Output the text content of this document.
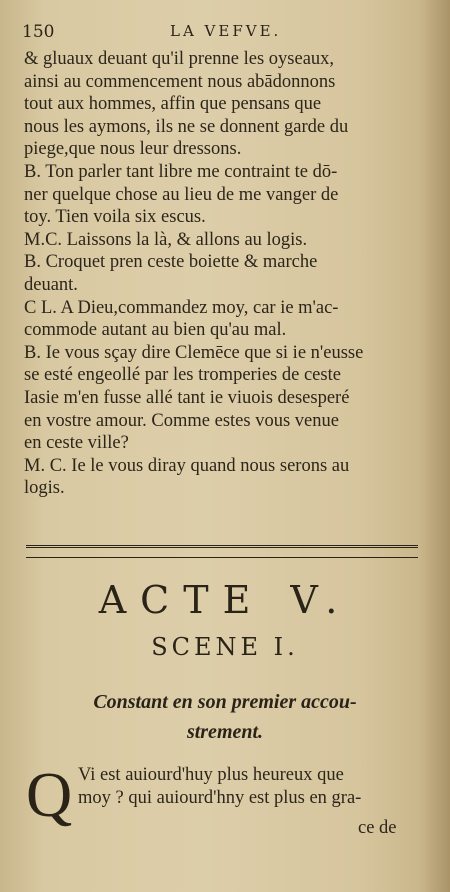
150	LA VEFVE.
& gluaux deuant qu'il prenne les oyseaux,
ainsi au commencement nous abādonnons
tout aux hommes, affin que pensans que
nous les aymons, ils ne se donnent garde du
piege,que nous leur dressons.
B. Ton parler tant libre me contraint te dō-
ner quelque chose au lieu de me vanger de
toy. Tien voila six escus.
M.C. Laissons la là, & allons au logis.
B. Croquet pren ceste boiette & marche
deuant.
C L. A Dieu,commandez moy, car ie m'ac-
commode autant au bien qu'au mal.
B. Ie vous sçay dire Clemēce que si ie n'eusse
se esté engeollé par les tromperies de ceste
Iasie m'en fusse allé tant ie viuois desesperé
en vostre amour. Comme estes vous venue
en ceste ville?
M. C. Ie le vous diray quand nous serons au
logis.
ACTE V.
SCENE I.
Constant en son premier accou-
strement.
Q Vi est auiourd'huy plus heureux que
moy ? qui auiourd'hny est plus en gra-
ce de
